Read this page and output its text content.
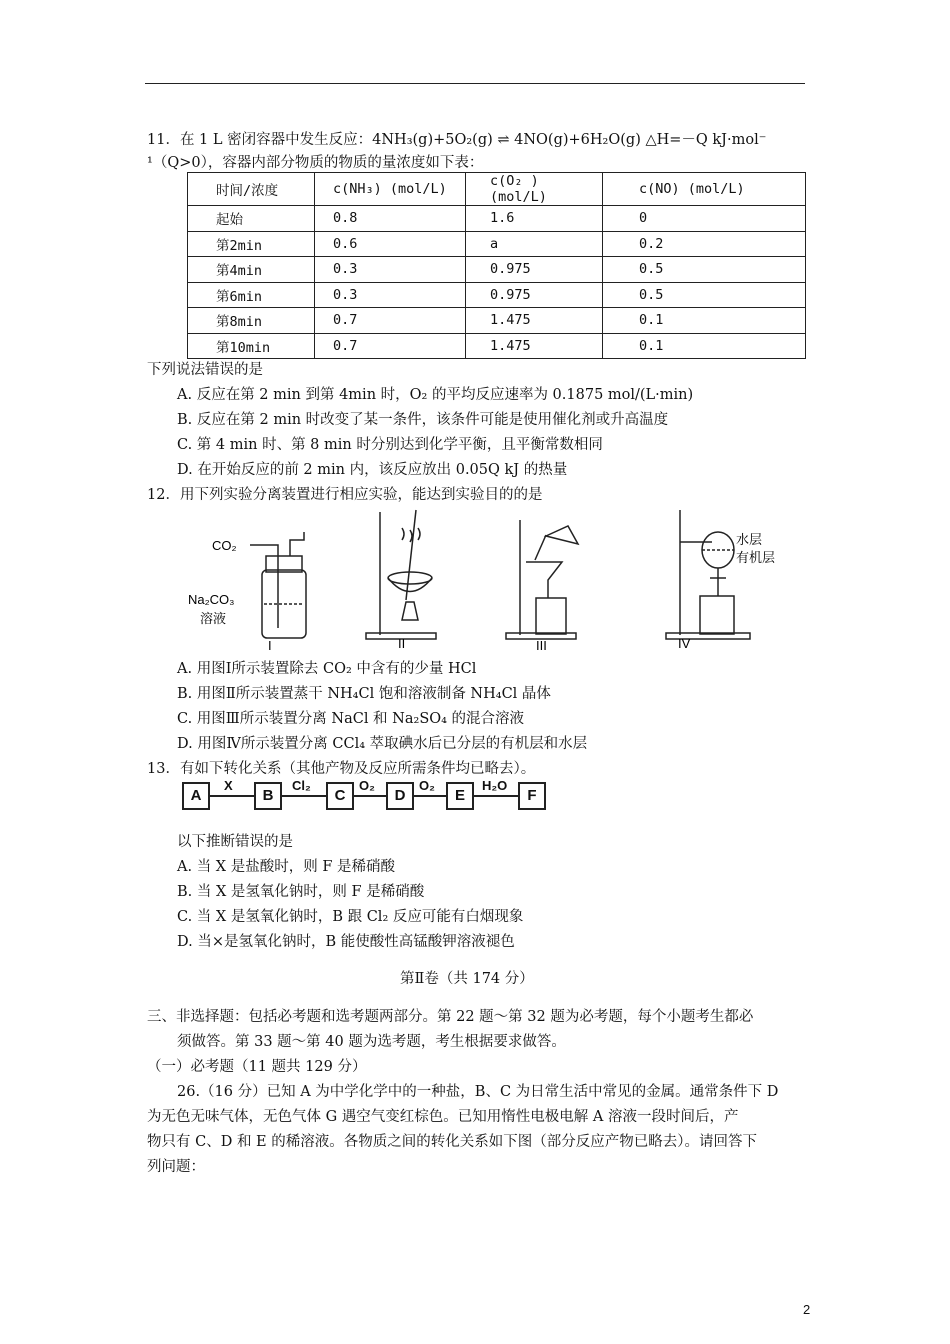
11．在 1 L 密闭容器中发生反应：4NH₃(g)+5O₂(g) ⇌ 4NO(g)+6H₂O(g) △H=－Q kJ·mol⁻
¹（Q>0），容器内部分物质的物质的量浓度如下表：
时间/浓度	c(NH₃) (mol/L)	c(O₂ ) (mol/L)	c(NO) (mol/L)
起始	0.8	1.6	0
第2min	0.6	a	0.2
第4min	0.3	0.975	0.5
第6min	0.3	0.975	0.5
第8min	0.7	1.475	0.1
第10min	0.7	1.475	0.1
下列说法错误的是
A. 反应在第 2 min 到第 4min 时，O₂ 的平均反应速率为 0.1875 mol/(L·min)
B. 反应在第 2 min 时改变了某一条件，该条件可能是使用催化剂或升高温度
C. 第 4 min 时、第 8 min 时分别达到化学平衡，且平衡常数相同
D. 在开始反应的前 2 min 内，该反应放出 0.05Q kJ 的热量
12．用下列实验分离装置进行相应实验，能达到实验目的的是
CO₂
Na₂CO₃
溶液
水层
有机层
I	II	III	IV
A. 用图Ⅰ所示装置除去 CO₂ 中含有的少量 HCl
B. 用图Ⅱ所示装置蒸干 NH₄Cl 饱和溶液制备 NH₄Cl 晶体
C. 用图Ⅲ所示装置分离 NaCl 和 Na₂SO₄ 的混合溶液
D. 用图Ⅳ所示装置分离 CCl₄ 萃取碘水后已分层的有机层和水层
13．有如下转化关系（其他产物及反应所需条件均已略去）。
A	B	C	D	E	F
X	Cl₂	O₂	O₂	H₂O
以下推断错误的是
A. 当 X 是盐酸时，则 F 是稀硝酸
B. 当 X 是氢氧化钠时，则 F 是稀硝酸
C. 当 X 是氢氧化钠时，B 跟 Cl₂ 反应可能有白烟现象
D. 当×是氢氧化钠时，B 能使酸性高锰酸钾溶液褪色
第Ⅱ卷（共 174 分）
三、非选择题：包括必考题和选考题两部分。第 22 题～第 32 题为必考题，每个小题考生都必
须做答。第 33 题～第 40 题为选考题，考生根据要求做答。
（一）必考题（11 题共 129 分）
26.（16 分）已知 A 为中学化学中的一种盐，B、C 为日常生活中常见的金属。通常条件下 D
为无色无味气体，无色气体 G 遇空气变红棕色。已知用惰性电极电解 A 溶液一段时间后，产
物只有 C、D 和 E 的稀溶液。各物质之间的转化关系如下图（部分反应产物已略去）。请回答下
列问题：
2
